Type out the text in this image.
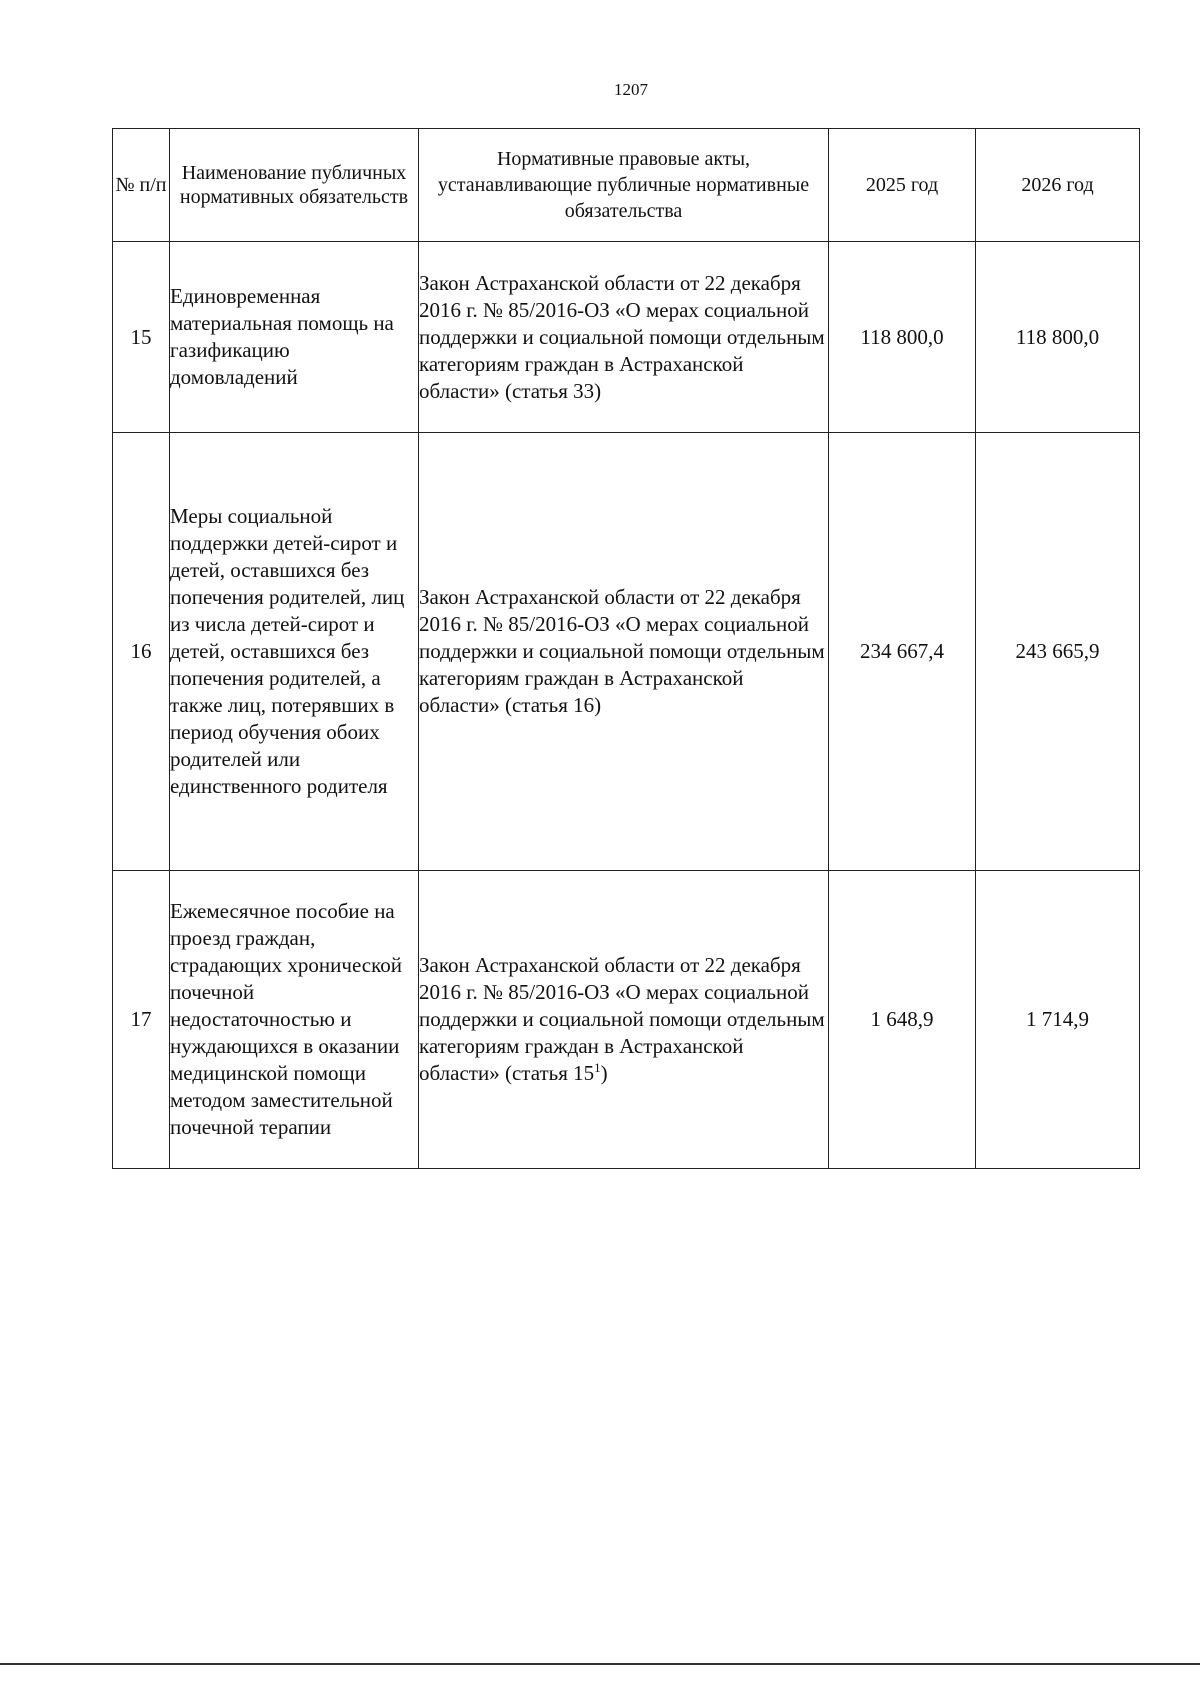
1207
№ п/п	Наименование публичных нормативных обязательств	Нормативные правовые акты, устанавливающие публичные нормативные обязательства	2025 год	2026 год
15	Единовременная материальная помощь на газификацию домовладений	Закон Астраханской области от 22 декабря 2016 г. № 85/2016-ОЗ «О мерах социальной поддержки и социальной помощи отдельным категориям граждан в Астраханской области» (статья 33)	118 800,0	118 800,0
16	Меры социальной поддержки детей-сирот и детей, оставшихся без попечения родителей, лиц из числа детей-сирот и детей, оставшихся без попечения родителей, а также лиц, потерявших в период обучения обоих родителей или единственного родителя	Закон Астраханской области от 22 декабря 2016 г. № 85/2016-ОЗ «О мерах социальной поддержки и социальной помощи отдельным категориям граждан в Астраханской области» (статья 16)	234 667,4	243 665,9
17	Ежемесячное пособие на проезд граждан, страдающих хронической почечной недостаточностью и нуждающихся в оказании медицинской помощи методом заместительной почечной терапии	Закон Астраханской области от 22 декабря 2016 г. № 85/2016-ОЗ «О мерах социальной поддержки и социальной помощи отдельным категориям граждан в Астраханской области» (статья $15^1$)	1 648,9	1 714,9
